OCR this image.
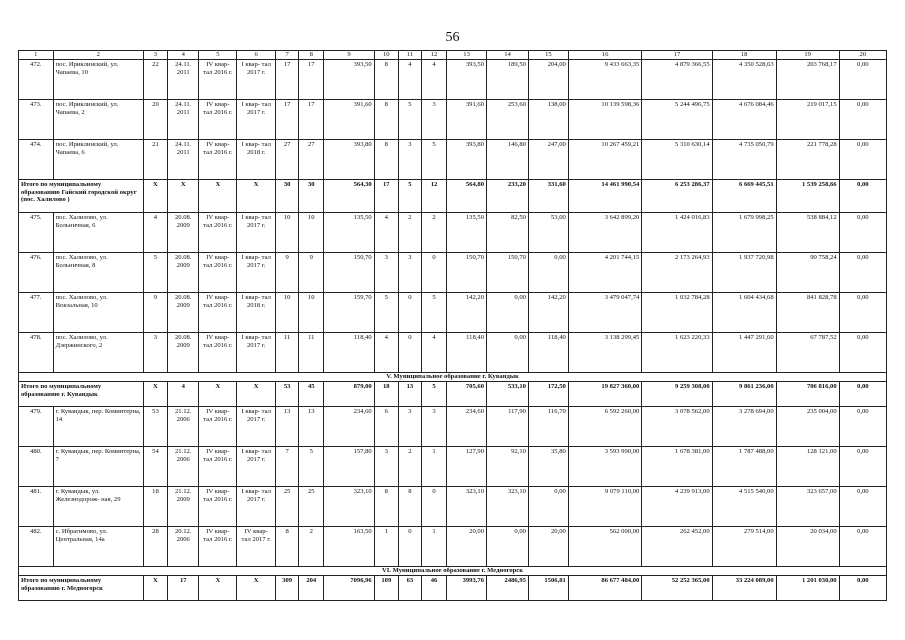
56
1	2	3	4	5	6	7	8	9	10	11	12	13	14	15	16	17	18	19	20
472.	пос. Ириклинский, ул. Чапаева, 10	22	24.11. 2011	IV квар- тал 2016 г.	I квар- тал 2017 г.	17	17	393,50	8	4	4	393,50	189,50	204,00	9 433 663,35	4 879 366,55	4 350 528,63	203 768,17	0,00
473.	пос. Ириклинский, ул. Чапаева, 2	20	24.11. 2011	IV квар- тал 2016 г.	I квар- тал 2017 г.	17	17	391,60	8	5	3	391,60	253,60	138,00	10 139 598,36	5 244 496,75	4 676 084,46	219 017,15	0,00
474.	пос. Ириклинский, ул. Чапаева, 6	21	24.11. 2011	IV квар- тал 2016 г.	I квар- тал 2018 г.	27	27	393,80	8	3	5	393,80	146,80	247,00	10 267 459,21	5 310 630,14	4 735 050,79	221 778,28	0,00
Итого по муниципальному образованию Гайский городской округ (пос. Халилово )		X	X	X	X	30	30	564,30	17	5	12	564,80	233,20	331,60	14 461 990,54	6 253 286,37	6 669 445,51	1 539 258,66	0,00
475.	пос. Халилово, ул. Больничная, 6	4	20.08. 2009	IV квар- тал 2016 г.	I квар- тал 2017 г.	10	10	135,50	4	2	2	135,50	82,50	53,00	3 642 899,20	1 424 016,83	1 679 998,25	538 884,12	0,00
476.	пос. Халилово, ул. Больничная, 8	5	20.08. 2009	IV квар- тал 2016 г.	I квар- тал 2017 г.	9	9	150,70	3	3	0	150,70	150,70	0,00	4 201 744,15	2 173 264,93	1 937 720,98	90 758,24	0,00
477.	пос. Халилово, ул. Вокзальная, 10	9	20.08. 2009	IV квар- тал 2016 г.	I квар- тал 2018 г.	10	10	159,70	5	0	5	142,20	0,00	142,20	3 479 047,74	1 032 784,28	1 604 434,68	841 828,78	0,00
478.	пос. Халилово, ул. Дзержинского, 2	3	20.08. 2009	IV квар- тал 2016 г.	I квар- тал 2017 г.	11	11	118,40	4	0	4	118,40	0,00	118,40	3 138 299,45	1 623 220,33	1 447 291,60	67 787,52	0,00
V. Муниципальное образование г. Кувандык																			
Итого по муниципальному образованию г. Кувандык		X	4	X	X	53	45	879,00	18	13	5	705,60	533,10	172,50	19 827 360,00	9 259 308,00	9 861 236,00	706 816,00	0,00
479.	г. Кувандык, пер. Коминтерна, 14	53	21.12. 2006	IV квар- тал 2016 г.	I квар- тал 2017 г.	13	13	234,60	6	3	3	234,60	117,90	116,70	6 592 260,00	3 078 562,00	3 278 694,00	235 004,00	0,00
480.	г. Кувандык, пер. Коминтерна, 7	54	21.12. 2006	IV квар- тал 2016 г.	I квар- тал 2017 г.	7	5	157,80	3	2	1	127,90	92,10	35,80	3 593 990,00	1 678 381,00	1 787 488,00	128 121,00	0,00
481.	г. Кувандык, ул. Железнодорож- ная, 29	18	21.12. 2009	IV квар- тал 2016 г.	I квар- тал 2017 г.	25	25	323,10	8	8	0	323,10	323,10	0,00	9 079 110,00	4 239 913,00	4 515 540,00	323 657,00	0,00
482.	с. Ибрагимово, ул. Центральная, 14а	28	20.12. 2006	IV квар- тал 2016 г.	IV квар- тал 2017 г.	8	2	163,50	1	0	1	20,00	0,00	20,00	562 000,00	262 452,00	279 514,00	20 034,00	0,00
VI. Муниципальное образование г. Медногорск																			
Итого по муниципальному образованию г. Медногорск		X	17	X	X	309	204	7096,96	109	63	46	3993,76	2486,95	1506,81	86 677 484,00	52 252 365,00	33 224 089,00	1 201 030,00	0,00
